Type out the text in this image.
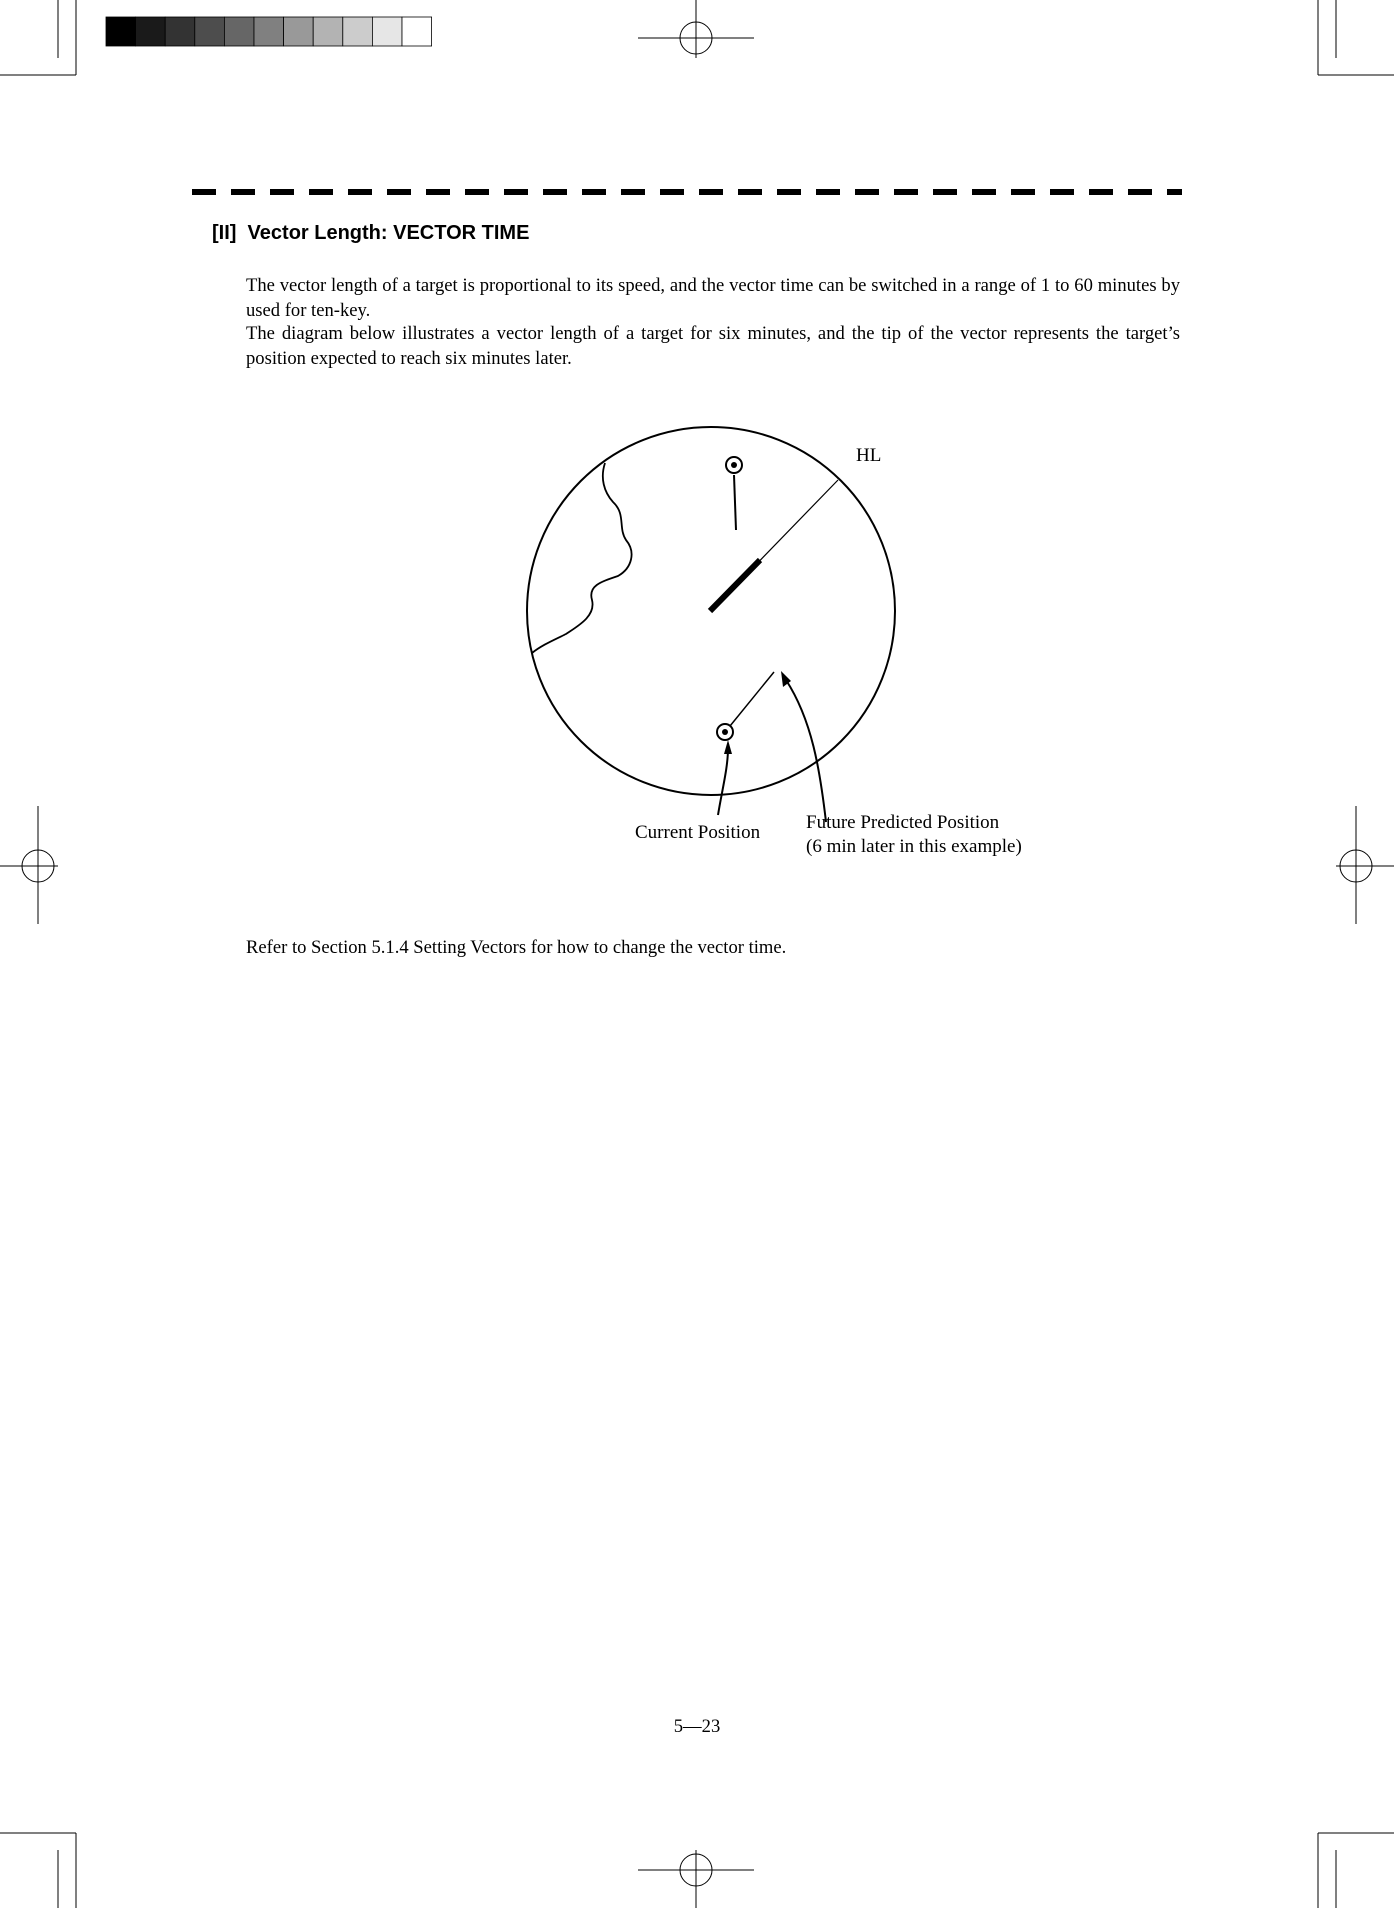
[II]  Vector Length: VECTOR TIME

The vector length of a target is proportional to its speed, and the vector time can be switched in a range of 1 to 60 minutes by used for ten-key.

The diagram below illustrates a vector length of a target for six minutes, and the tip of the vector represents the target’s position expected to reach six minutes later.

HL
Current Position Future Predicted Position
(6 min later in this example)
Refer to Section 5.1.4 Setting Vectors for how to change the vector time.
5—23
